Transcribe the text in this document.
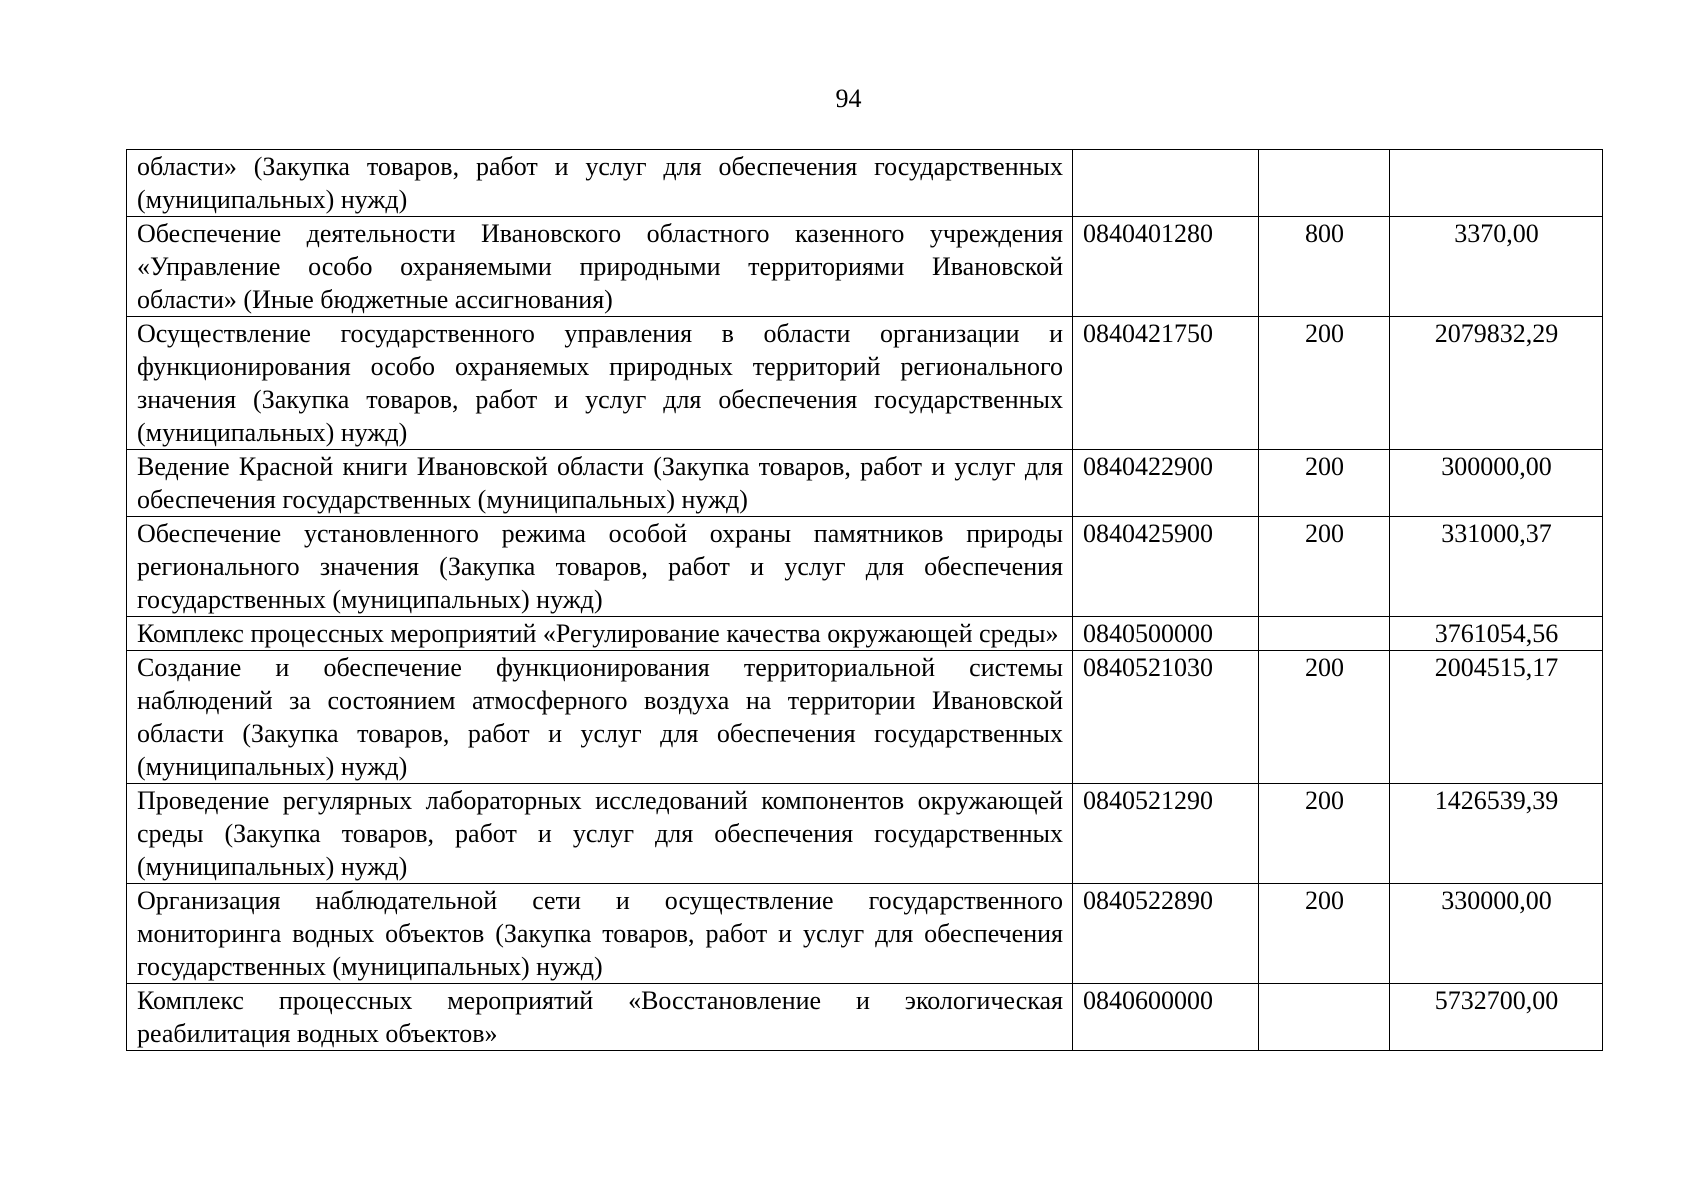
94
области» (Закупка товаров, работ и услуг для обеспечения государственных (муниципальных) нужд)			
Обеспечение деятельности Ивановского областного казенного учреждения «Управление особо охраняемыми природными территориями Ивановской области» (Иные бюджетные ассигнования)	0840401280	800	3370,00
Осуществление государственного управления в области организации и функционирования особо охраняемых природных территорий регионального значения (Закупка товаров, работ и услуг для обеспечения государственных (муниципальных) нужд)	0840421750	200	2079832,29
Ведение Красной книги Ивановской области (Закупка товаров, работ и услуг для обеспечения государственных (муниципальных) нужд)	0840422900	200	300000,00
Обеспечение установленного режима особой охраны памятников природы регионального значения (Закупка товаров, работ и услуг для обеспечения государственных (муниципальных) нужд)	0840425900	200	331000,37
Комплекс процессных мероприятий «Регулирование качества окружающей среды»	0840500000		3761054,56
Создание и обеспечение функционирования территориальной системы наблюдений за состоянием атмосферного воздуха на территории Ивановской области (Закупка товаров, работ и услуг для обеспечения государственных (муниципальных) нужд)	0840521030	200	2004515,17
Проведение регулярных лабораторных исследований компонентов окружающей среды (Закупка товаров, работ и услуг для обеспечения государственных (муниципальных) нужд)	0840521290	200	1426539,39
Организация наблюдательной сети и осуществление государственного мониторинга водных объектов (Закупка товаров, работ и услуг для обеспечения государственных (муниципальных) нужд)	0840522890	200	330000,00
Комплекс процессных мероприятий «Восстановление и экологическая реабилитация водных объектов»	0840600000		5732700,00
